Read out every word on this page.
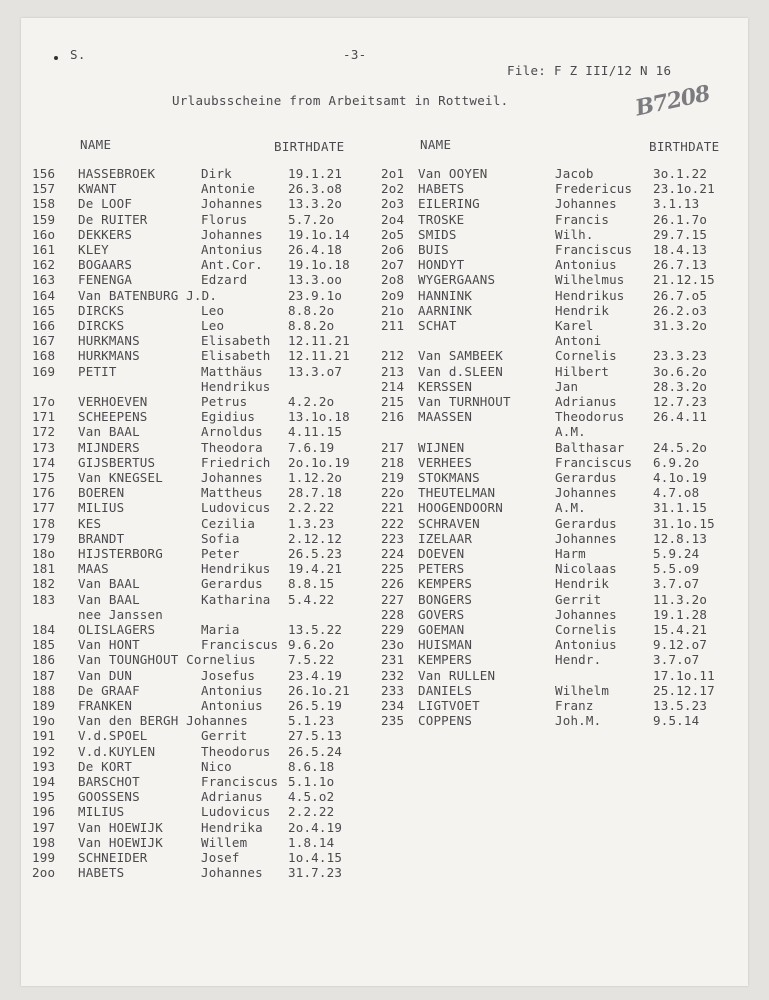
S.	-3-
File: F Z III/12 N 16
B7208
Urlaubsscheine from Arbeitsamt in Rottweil.
NAME	BIRTHDATE	NAME	BIRTHDATE
156 HASSEBROEK	Dirk	19.1.21
157 KWANT	Antonie	26.3.o8
158 De LOOF	Johannes 13.3.2o
159 De RUITER	Florus	5.7.2o
16o DEKKERS	Johannes 19.1o.14
161 KLEY	Antonius 26.4.18
162 BOGAARS	Ant.Cor. 19.1o.18
163 FENENGA	Edzard	13.3.oo
164 Van BATENBURG J.D.	23.9.1o
165 DIRCKS	Leo	8.8.2o
166 DIRCKS	Leo	8.8.2o
167 HURKMANS	Elisabeth 12.11.21
168 HURKMANS	Elisabeth 12.11.21
169 PETIT	Matthäus 13.3.o7
Hendrikus
17o VERHOEVEN	Petrus	4.2.2o
171 SCHEEPENS	Egidius	13.1o.18
172 Van BAAL	Arnoldus 4.11.15
173 MIJNDERS	Theodora 7.6.19
174 GIJSBERTUS	Friedrich 2o.1o.19
175 Van KNEGSEL	Johannes 1.12.2o
176 BOEREN	Mattheus 28.7.18
177 MILIUS	Ludovicus 2.2.22
178 KES	Cezilia	1.3.23
179 BRANDT	Sofia	2.12.12
18o HIJSTERBORG	Peter	26.5.23
181 MAAS	Hendrikus 19.4.21
182 Van BAAL	Gerardus 8.8.15
183 Van BAAL	Katharina 5.4.22
nee Janssen
184 OLISLAGERS	Maria	13.5.22
185 Van HONT	Franciscus 9.6.2o
186 Van TOUNGHOUT Cornelius	7.5.22
187 Van DUN	Josefus	23.4.19
188 De GRAAF	Antonius 26.1o.21
189 FRANKEN	Antonius 26.5.19
19o Van den BERGH Johannes	5.1.23
191 V.d.SPOEL	Gerrit	27.5.13
192 V.d.KUYLEN	Theodorus 26.5.24
193 De KORT	Nico	8.6.18
194 BARSCHOT	Franciscus 5.1.1o
195 GOOSSENS	Adrianus 4.5.o2
196 MILIUS	Ludovicus 2.2.22
197 Van HOEWIJK	Hendrika 2o.4.19
198 Van HOEWIJK	Willem	1.8.14
199 SCHNEIDER	Josef	1o.4.15
2oo HABETS	Johannes 31.7.23
2o1 Van OOYEN	Jacob	3o.1.22
2o2 HABETS	Fredericus 23.1o.21
2o3 EILERING	Johannes	3.1.13
2o4 TROSKE	Francis	26.1.7o
2o5 SMIDS	Wilh.	29.7.15
2o6 BUIS	Franciscus 18.4.13
2o7 HONDYT	Antonius	26.7.13
2o8 WYGERGAANS	Wilhelmus 21.12.15
2o9 HANNINK	Hendrikus 26.7.o5
21o AARNINK	Hendrik	26.2.o3
211 SCHAT	Karel	31.3.2o
Antoni
212 Van SAMBEEK	Cornelis	23.3.23
213 Van d.SLEEN	Hilbert	3o.6.2o
214 KERSSEN	Jan	28.3.2o
215 Van TURNHOUT	Adrianus	12.7.23
216 MAASSEN	Theodorus 26.4.11
A.M.
217 WIJNEN	Balthasar 24.5.2o
218 VERHEES	Franciscus 6.9.2o
219 STOKMANS	Gerardus	4.1o.19
22o THEUTELMAN	Johannes	4.7.o8
221 HOOGENDOORN	A.M.	31.1.15
222 SCHRAVEN	Gerardus	31.1o.15
223 IZELAAR	Johannes	12.8.13
224 DOEVEN	Harm	5.9.24
225 PETERS	Nicolaas	5.5.o9
226 KEMPERS	Hendrik	3.7.o7
227 BONGERS	Gerrit	11.3.2o
228 GOVERS	Johannes	19.1.28
229 GOEMAN	Cornelis	15.4.21
23o HUISMAN	Antonius	9.12.o7
231 KEMPERS	Hendr.	3.7.o7
232 Van RULLEN	17.1o.11
233 DANIELS	Wilhelm	25.12.17
234 LIGTVOET	Franz	13.5.23
235 COPPENS	Joh.M.	9.5.14
